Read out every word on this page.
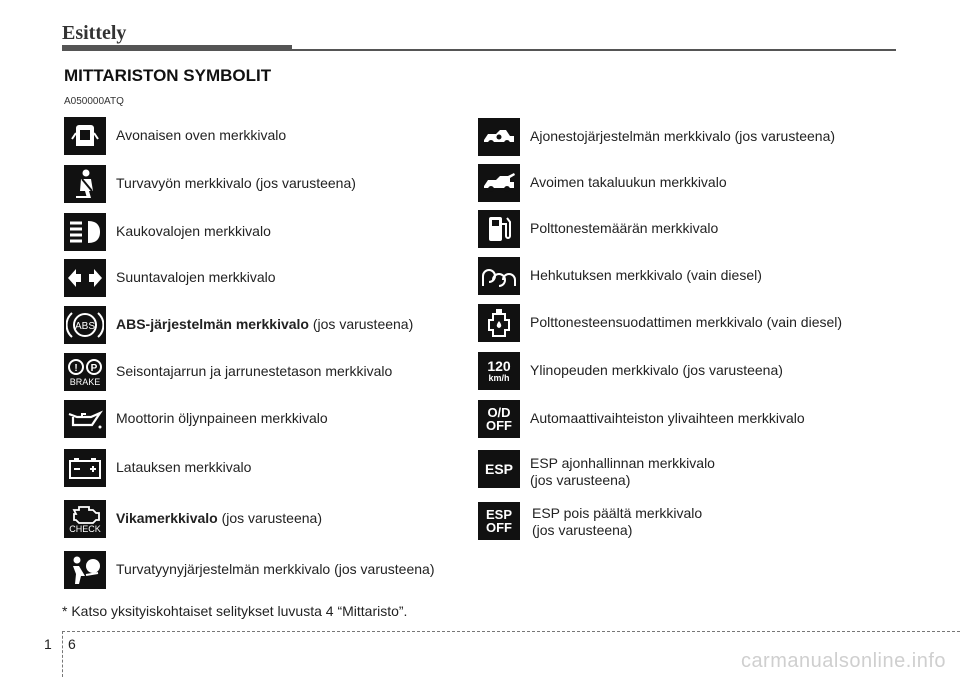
Esittely
MITTARISTON SYMBOLIT
A050000ATQ
Avonaisen oven merkkivalo
Turvavyön merkkivalo (jos varusteena)
Kaukovalojen merkkivalo
Suuntavalojen merkkivalo
ABS ABS-järjestelmän merkkivalo (jos varusteena)
! P
BRAKE
Seisontajarrun ja jarrunestetason merkkivalo
Moottorin öljynpaineen merkkivalo
Latauksen merkkivalo
CHECK
Vikamerkkivalo (jos varusteena)
Turvatyynyjärjestelmän merkkivalo (jos varusteena)
Ajonestojärjestelmän merkkivalo (jos varusteena)
Avoimen takaluukun merkkivalo
Polttonestemäärän merkkivalo
Hehkutuksen merkkivalo (vain diesel)
Polttonesteensuodattimen merkkivalo (vain diesel)
120
km/h Ylinopeuden merkkivalo (jos varusteena)
O/D
OFF Automaattivaihteiston ylivaihteen merkkivalo
ESP ESP ajonhallinnan merkkivalo
(jos varusteena)
ESP
OFF
ESP pois päältä merkkivalo
(jos varusteena)
* Katso yksityiskohtaiset selitykset luvusta 4 “Mittaristo”.
1 6
carmanualsonline.info
